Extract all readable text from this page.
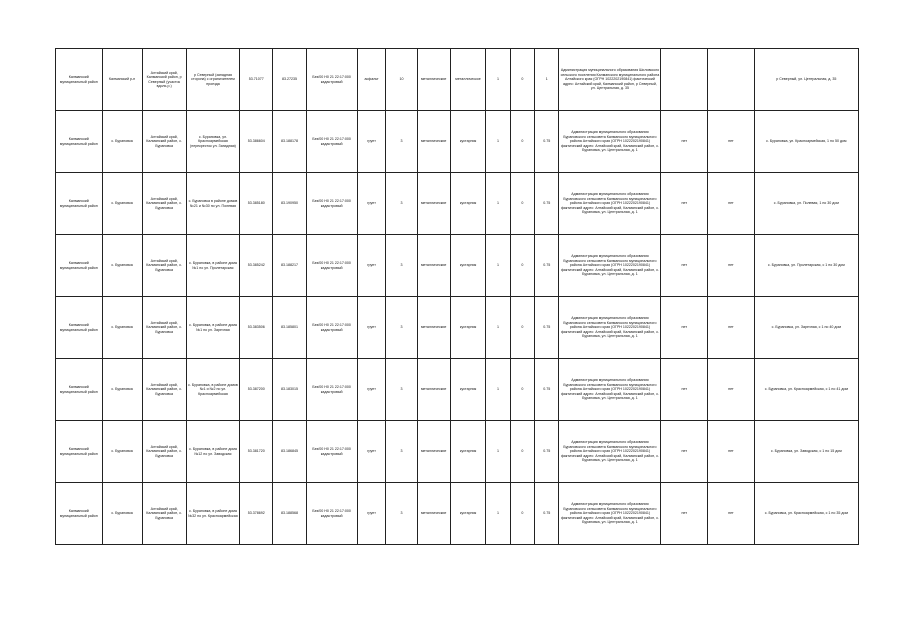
Калманский муниципальный район	Калманский р-н	Алтайский край, Калманский район, р Северный (участок вдоль р.)	р Северный (западная сторона) с ограничителем проезда	53.71077	83.27235	Без/00 Н0 21 22:17:000 кадастровый	асфальт	10	металлические	металлическое	1	0	1	Администрация муниципального образования Шиловского сельского поселения Калманского муниципального района Алтайского края (ОГРН 1022202190841) фактический адрес: Алтайский край, Калманский район, р Северный, ул. Центральная, д. 35			р Северный, ул. Центральная, д. 35
Калманский муниципальный район	с. Бурановка	Алтайский край, Калманский район, с. Бурановка	с. Бурановка, ул. Красноармейская (перекресток ул. Западная)	53.386604	83.188178	Без/00 Н0 21 22:17:000 кадастровый	грунт	3	металлические	кустарник	1	0	0.75	Администрация муниципального образования Бурановского сельсовета Калманского муниципального района Алтайского края (ОГРН 1022202190841) фактический адрес: Алтайский край, Калманский район, с. Бурановка, ул. Центральная, д. 1	нет	нет	с. Бурановка, ул. Красноармейская, 1 по 50 дом
Калманский муниципальный район	с. Бурановка	Алтайский край, Калманский район, с. Бурановка	с. Бурановка в районе домов №21 и №30 по ул. Полевая	53.385180	83.190950	Без/00 Н0 21 22:17:000 кадастровый	грунт	3	металлические	кустарник	1	0	0.75	Администрация муниципального образования Бурановского сельсовета Калманского муниципального района Алтайского края (ОГРН 1022202190841) фактический адрес: Алтайский край, Калманский район, с. Бурановка, ул. Центральная, д. 1	нет	нет	с. Бурановка, ул. Полевая, 1 по 30 дом
Калманский муниципальный район	с. Бурановка	Алтайский край, Калманский район, с. Бурановка	с. Бурановка, в районе дома №1 по ул. Пролетарская	53.385242	83.188217	Без/00 Н0 21 22:17:000 кадастровый	грунт	3	металлические	кустарник	1	0	0.75	Администрация муниципального образования Бурановского сельсовета Калманского муниципального района Алтайского края (ОГРН 1022202190841) фактический адрес: Алтайский край, Калманский район, с. Бурановка, ул. Центральная, д. 1	нет	нет	с. Бурановка, ул. Пролетарская, с 1 по 30 дом
Калманский муниципальный район	с. Бурановка	Алтайский край, Калманский район, с. Бурановка	с. Бурановка, в районе дома №1 по ул. Заречная	53.383506	83.185801	Без/00 Н0 21 22:17:000 кадастровый	грунт	3	металлические	кустарник	1	0	0.75	Администрация муниципального образования Бурановского сельсовета Калманского муниципального района Алтайского края (ОГРН 1022202190841) фактический адрес: Алтайский край, Калманский район, с. Бурановка, ул. Центральная, д. 1	нет	нет	с. Бурановка, ул. Заречная, с 1 по 40 дом
Калманский муниципальный район	с. Бурановка	Алтайский край, Калманский район, с. Бурановка	с. Бурановка, в районе домов №1 и №2 по ул. Красноармейская	53.387200	83.183015	Без/00 Н0 21 22:17:000 кадастровый	грунт	3	металлические	кустарник	1	0	0.75	Администрация муниципального образования Бурановского сельсовета Калманского муниципального района Алтайского края (ОГРН 1022202190841) фактический адрес: Алтайский край, Калманский район, с. Бурановка, ул. Центральная, д. 1	нет	нет	с. Бурановка, ул. Красноармейская, с 1 по 41 дом
Калманский муниципальный район	с. Бурановка	Алтайский край, Калманский район, с. Бурановка	с. Бурановка, в районе дома №12 по ул. Заводская	53.381720	83.186845	Без/00 Н0 21 22:17:000 кадастровый	грунт	3	металлические	кустарник	1	0	0.75	Администрация муниципального образования Бурановского сельсовета Калманского муниципального района Алтайского края (ОГРН 1022202190841) фактический адрес: Алтайский край, Калманский район, с. Бурановка, ул. Центральная, д. 1	нет	нет	с. Бурановка, ул. Заводская, с 1 по 15 дом
Калманский муниципальный район	с. Бурановка	Алтайский край, Калманский район, с. Бурановка	с. Бурановка, в районе дома №32 по ул. Красноармейская	53.378692	83.188568	Без/00 Н0 21 22:17:000 кадастровый	грунт	3	металлические	кустарник	1	0	0.75	Администрация муниципального образования Бурановского сельсовета Калманского муниципального района Алтайского края (ОГРН 1022202190841) фактический адрес: Алтайский край, Калманский район, с. Бурановка, ул. Центральная, д. 1	нет	нет	с. Бурановка, ул. Красноармейская, с 1 по 35 дом
